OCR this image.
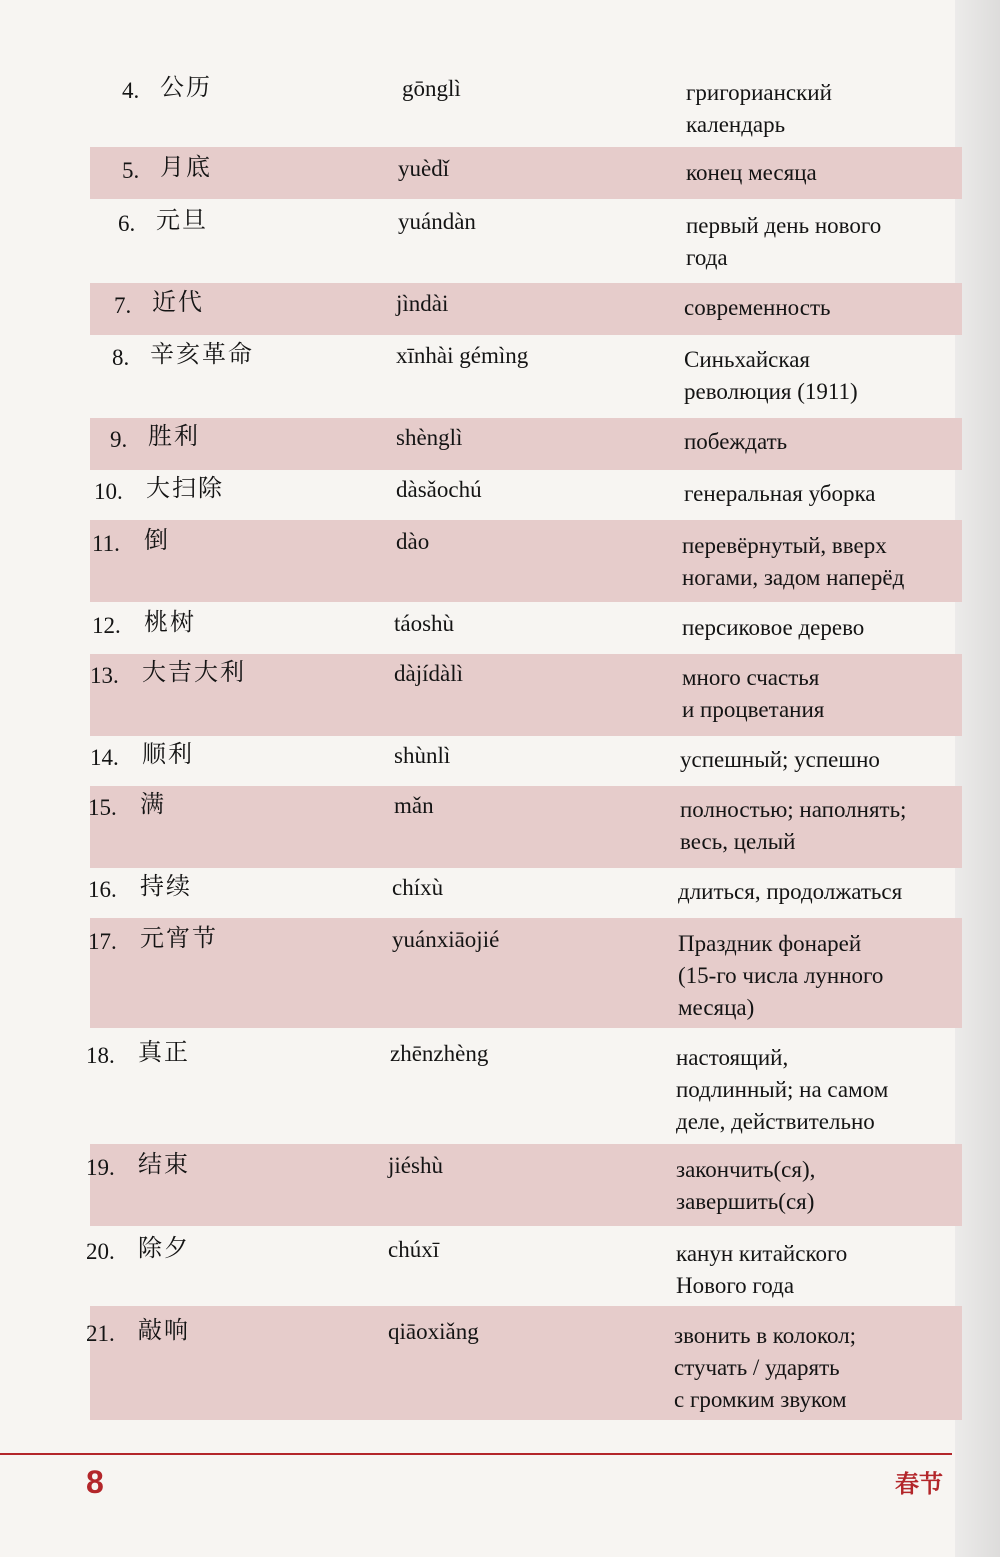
4. 公历	gōnglì	григорианский
календарь
5. 月底	yuèdǐ	конец месяца
6. 元旦	yuándàn	первый день нового
года
7. 近代	jìndài	современность
8. 辛亥革命	xīnhài gémìng	Синьхайская
революция (1911)
9. 胜利	shènglì	побеждать
10. 大扫除	dàsǎochú	генеральная уборка
11. 倒	dào	перевёрнутый, вверх
ногами, задом наперёд
12. 桃树	táoshù	персиковое дерево
13. 大吉大利	dàjídàlì	много счастья
и процветания
14. 顺利	shùnlì	успешный; успешно
15. 满	mǎn	полностью; наполнять;
весь, целый
16. 持续	chíxù	длиться, продолжаться
17. 元宵节	yuánxiāojié	Праздник фонарей
(15-го числа лунного
месяца)
18. 真正	zhēnzhèng	настоящий,
подлинный; на самом
деле, действительно
19. 结束	jiéshù	закончить(ся),
завершить(ся)
20. 除夕	chúxī	канун китайского
Нового года
21. 敲响	qiāoxiǎng	звонить в колокол;
стучать / ударять
с громким звуком
8	春节
